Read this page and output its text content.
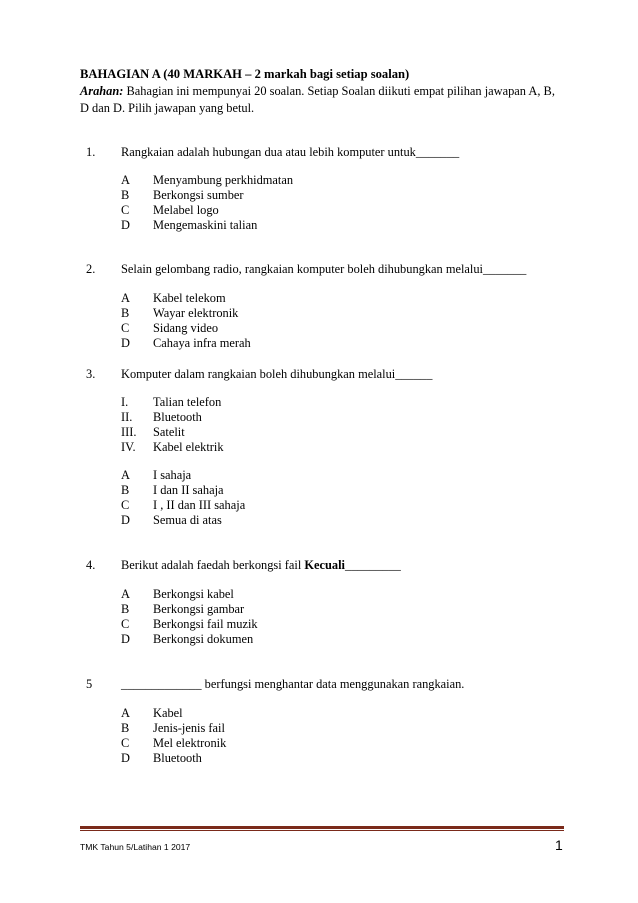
BAHAGIAN A (40 MARKAH – 2 markah bagi setiap soalan)
Arahan: Bahagian ini mempunyai 20 soalan. Setiap Soalan diikuti empat pilihan jawapan A, B, D dan D. Pilih jawapan yang betul.
1. Rangkaian adalah hubungan dua atau lebih komputer untuk_______
A Menyambung perkhidmatan
B Berkongsi sumber
C Melabel logo
D Mengemaskini talian
2. Selain gelombang radio, rangkaian komputer boleh dihubungkan melalui_______
A Kabel telekom
B Wayar elektronik
C Sidang video
D Cahaya infra merah
3. Komputer dalam rangkaian boleh dihubungkan melalui______
I. Talian telefon
II. Bluetooth
III. Satelit
IV. Kabel elektrik
A I sahaja
B I dan II sahaja
C I , II dan III sahaja
D Semua di atas
4. Berikut adalah faedah berkongsi fail Kecuali_________
A Berkongsi kabel
B Berkongsi gambar
C Berkongsi fail muzik
D Berkongsi dokumen
5 _____________ berfungsi menghantar data menggunakan rangkaian.
A Kabel
B Jenis-jenis fail
C Mel elektronik
D Bluetooth
TMK Tahun 5/Latihan 1 2017	1
